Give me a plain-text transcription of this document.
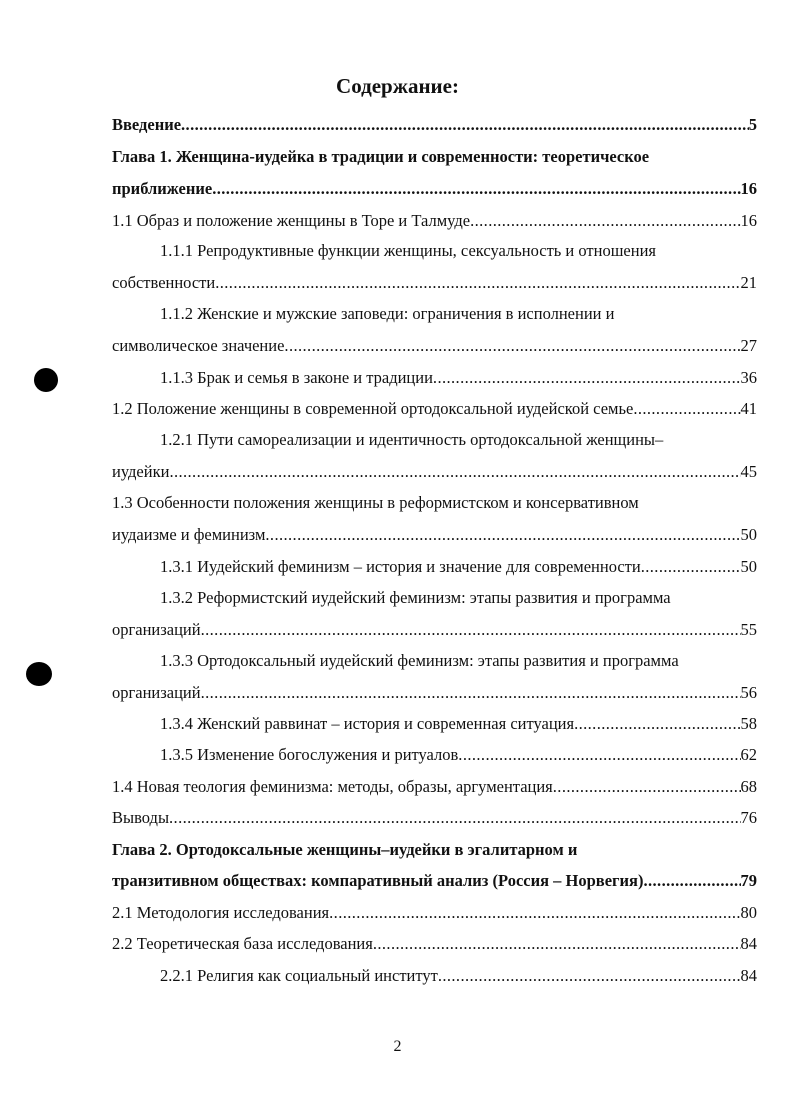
Содержание:
Введение .....	5
Глава 1. Женщина-иудейка в традиции и современности: теоретическое
приближение .....	16
1.1 Образ и положение женщины в Торе и Талмуде .....	16
1.1.1 Репродуктивные функции женщины, сексуальность и отношения
собственности .....	21
1.1.2 Женские и мужские заповеди: ограничения в исполнении и
символическое значение .....	27
1.1.3 Брак и семья в законе и традиции .....	36
1.2 Положение женщины в современной ортодоксальной иудейской семье .....	41
1.2.1 Пути самореализации и идентичность ортодоксальной женщины–
иудейки .....	45
1.3 Особенности положения женщины в реформистском и консервативном
иудаизме и феминизм .....	50
1.3.1 Иудейский феминизм – история и значение для современности .....	50
1.3.2 Реформистский иудейский феминизм: этапы развития и программа
организаций .....	55
1.3.3 Ортодоксальный иудейский феминизм: этапы развития и программа
организаций .....	56
1.3.4 Женский раввинат – история и современная ситуация .....	58
1.3.5 Изменение богослужения и ритуалов .....	62
1.4 Новая теология феминизма: методы, образы, аргументация .....	68
Выводы .....	76
Глава 2. Ортодоксальные женщины–иудейки в эгалитарном и
транзитивном обществах: компаративный анализ (Россия – Норвегия) .....	79
2.1 Методология исследования .....	80
2.2 Теоретическая база исследования .....	84
2.2.1 Религия как социальный институт .....	84
2
